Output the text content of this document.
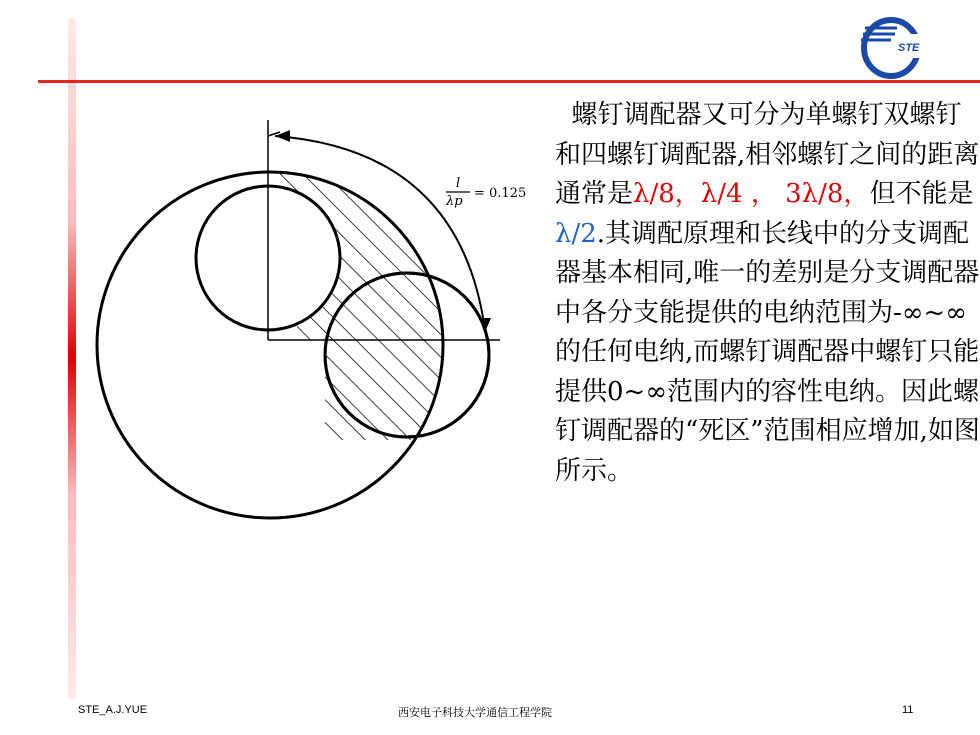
STE
l
λp
= 0.125
螺钉调配器又可分为单螺钉双螺钉和四螺钉调配器,相邻螺钉之间的距离通常是λ/8，λ/4 ， 3λ/8，但不能是λ/2.其调配原理和长线中的分支调配器基本相同,唯一的差别是分支调配器中各分支能提供的电纳范围为-∞~∞的任何电纳,而螺钉调配器中螺钉只能提供0~∞范围内的容性电纳。因此螺钉调配器的“死区”范围相应增加,如图所示。
STE_A.J.YUE	西安电子科技大学通信工程学院	11
